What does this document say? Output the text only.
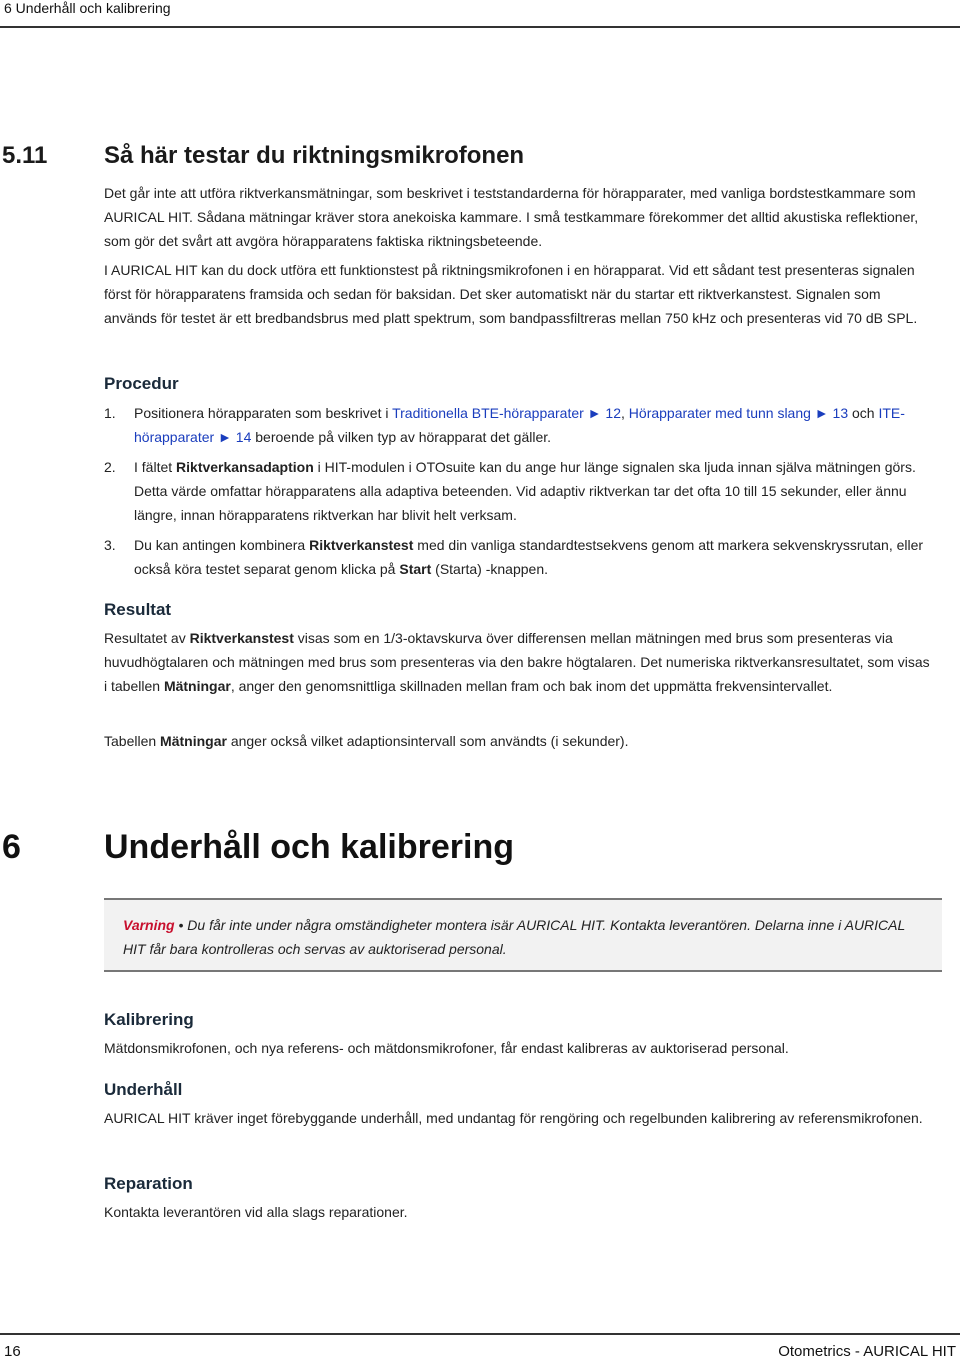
6 Underhåll och kalibrering
5.11 Så här testar du riktningsmikrofonen

Det går inte att utföra riktverkansmätningar, som beskrivet i teststandarderna för hörapparater, med vanliga bordstestkammare som AURICAL HIT. Sådana mätningar kräver stora anekoiska kammare. I små testkammare förekommer det alltid akustiska reflektioner, som gör det svårt att avgöra hörapparatens faktiska riktningsbeteende.

I AURICAL HIT kan du dock utföra ett funktionstest på riktningsmikrofonen i en hörapparat. Vid ett sådant test presenteras signalen först för hörapparatens framsida och sedan för baksidan. Det sker automatiskt när du startar ett riktverkanstest. Signalen som används för testet är ett bredbandsbrus med platt spektrum, som bandpassfiltreras mellan 750 kHz och presenteras vid 70 dB SPL.

Procedur
1. Positionera hörapparaten som beskrivet i Traditionella BTE-hörapparater ► 12, Hörapparater med tunn slang ► 13 och ITE-hörapparater ► 14 beroende på vilken typ av hörapparat det gäller.
2. I fältet Riktverkansadaption i HIT-modulen i OTOsuite kan du ange hur länge signalen ska ljuda innan själva mätningen görs. Detta värde omfattar hörapparatens alla adaptiva beteenden. Vid adaptiv riktverkan tar det ofta 10 till 15 sekunder, eller ännu längre, innan hörapparatens riktverkan har blivit helt verksam.
3. Du kan antingen kombinera Riktverkanstest med din vanliga standardtestsekvens genom att markera sekvenskryssrutan, eller också köra testet separat genom klicka på Start (Starta) -knappen.
Resultat

Resultatet av Riktverkanstest visas som en 1/3-oktavskurva över differensen mellan mätningen med brus som presenteras via huvudhögtalaren och mätningen med brus som presenteras via den bakre högtalaren. Det numeriska riktverkansresultatet, som visas i tabellen Mätningar, anger den genomsnittliga skillnaden mellan fram och bak inom det uppmätta frekvensintervallet.

Tabellen Mätningar anger också vilket adaptionsintervall som användts (i sekunder).

6 Underhåll och kalibrering
Varning • Du får inte under några omständigheter montera isär AURICAL HIT. Kontakta leverantören. Delarna inne i AURICAL HIT får bara kontrolleras och servas av auktoriserad personal.
Kalibrering

Mätdonsmikrofonen, och nya referens- och mätdonsmikrofoner, får endast kalibreras av auktoriserad personal.

Underhåll

AURICAL HIT kräver inget förebyggande underhåll, med undantag för rengöring och regelbunden kalibrering av referensmikrofonen.

Reparation

Kontakta leverantören vid alla slags reparationer.

16	Otometrics - AURICAL HIT
